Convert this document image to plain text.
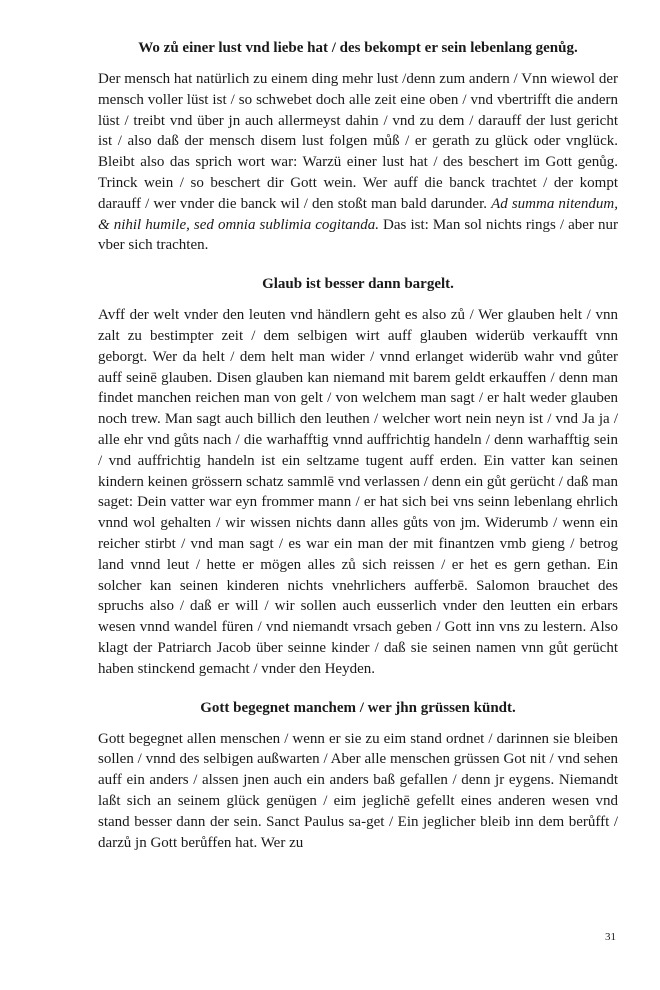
Wo zů einer lust vnd liebe hat / des bekompt er sein lebenlang genůg.

Der mensch hat natürlich zu einem ding mehr lust /denn zum andern / Vnn wiewol der mensch voller lüst ist / so schwebet doch alle zeit eine oben / vnd vbertrifft die andern lüst / treibt vnd über jn auch allermeyst dahin / vnd zu dem / darauff der lust gericht ist / also daß der mensch disem lust folgen můß / er gerath zu glück oder vnglück. Bleibt also das sprich wort war: Warzü einer lust hat / des beschert im Gott genůg. Trinck wein / so beschert dir Gott wein. Wer auff die banck trachtet / der kompt darauff / wer vnder die banck wil / den stoßt man bald darunder. Ad summa nitendum, & nihil humile, sed omnia sublimia cogitanda. Das ist: Man sol nichts rings / aber nur vber sich trachten.

Glaub ist besser dann bargelt.

Avff der welt vnder den leuten vnd händlern geht es also zů / Wer glauben helt / vnn zalt zu bestimpter zeit / dem selbigen wirt auff glauben widerüb verkaufft vnn geborgt. Wer da helt / dem helt man wider / vnnd erlanget widerüb wahr vnd gůter auff seinē glauben. Disen glauben kan niemand mit barem geldt erkauffen / denn man findet manchen reichen man von gelt / von welchem man sagt / er halt weder glauben noch trew. Man sagt auch billich den leuthen / welcher wort nein neyn ist / vnd Ja ja / alle ehr vnd gůts nach / die warhafftig vnnd auffrichtig handeln / denn warhafftig sein / vnd auffrichtig handeln ist ein seltzame tugent auff erden. Ein vatter kan seinen kindern keinen grössern schatz sammlē vnd verlassen / denn ein gůt gerücht / daß man saget: Dein vatter war eyn frommer mann / er hat sich bei vns seinn lebenlang ehrlich vnnd wol gehalten / wir wissen nichts dann alles gůts von jm. Widerumb / wenn ein reicher stirbt / vnd man sagt / es war ein man der mit finantzen vmb gieng / betrog land vnnd leut / hette er mögen alles zů sich reissen / er het es gern gethan. Ein solcher kan seinen kinderen nichts vnehrlichers aufferbē. Salomon brauchet des spruchs also / daß er will / wir sollen auch eusserlich vnder den leutten ein erbars wesen vnnd wandel füren / vnd niemandt vrsach geben / Gott inn vns zu lestern. Also klagt der Patriarch Jacob über seinne kinder / daß sie seinen namen vnn gůt gerücht haben stinckend gemacht / vnder den Heyden.

Gott begegnet manchem / wer jhn grüssen kündt.

Gott begegnet allen menschen / wenn er sie zu eim stand ordnet / darinnen sie bleiben sollen / vnnd des selbigen außwarten / Aber alle menschen grüssen Got nit / vnd sehen auff ein anders / alssen jnen auch ein anders baß gefallen / denn jr eygens. Niemandt laßt sich an seinem glück genügen / eim jeglichē gefellt eines anderen wesen vnd stand besser dann der sein. Sanct Paulus sa-get / Ein jeglicher bleib inn dem berůfft / darzů jn Gott berůffen hat. Wer zu

31
